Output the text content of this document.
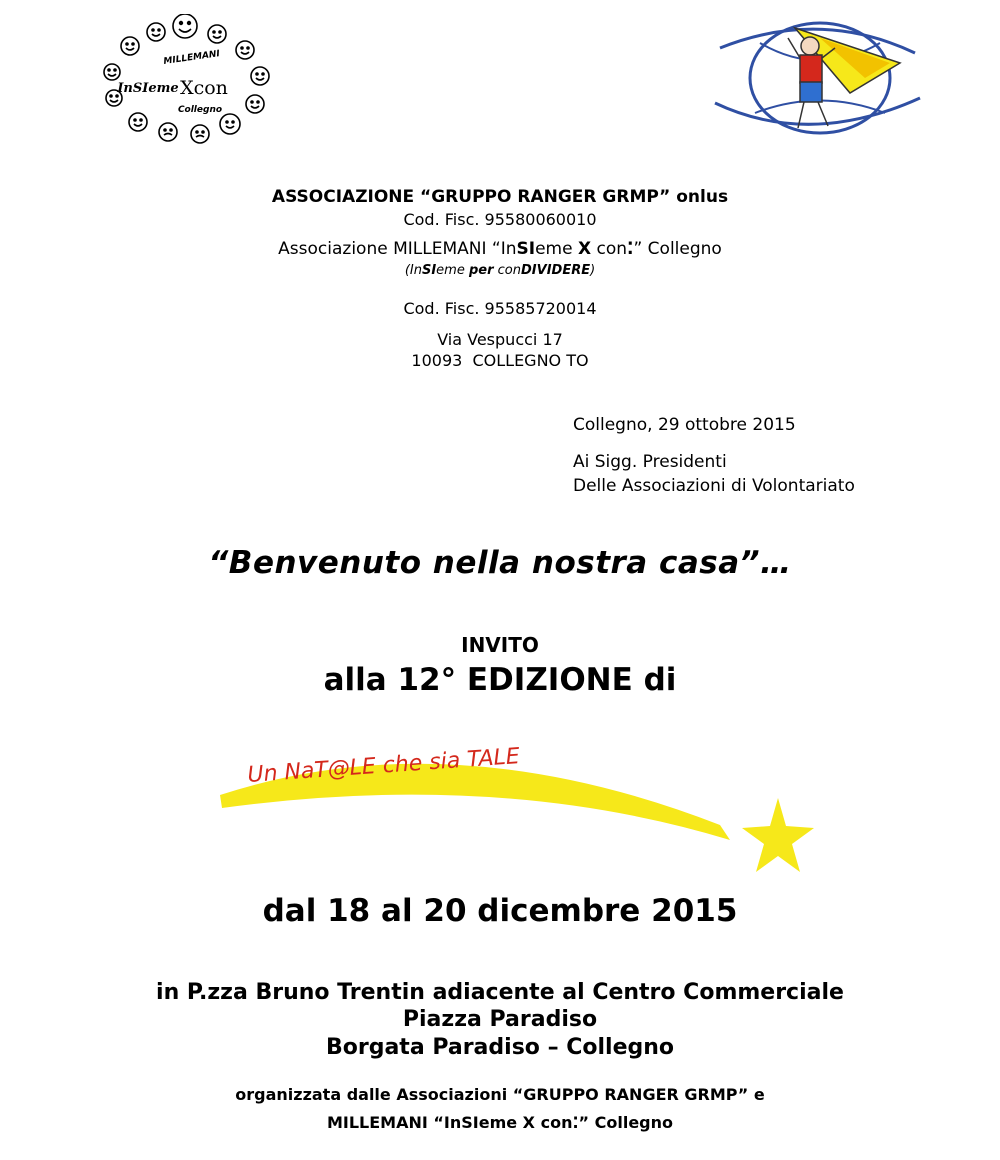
MILLEMANI
InSIeme Xcon
Collegno
ASSOCIAZIONE “GRUPPO RANGER GRMP” onlus
Cod. Fisc. 95580060010
Associazione MILLEMANI “InSIeme X con⁚” Collegno
(InSIeme per conDIVIDERE)
Cod. Fisc. 95585720014
Via Vespucci 17
10093  COLLEGNO TO
Collegno, 29 ottobre 2015
Ai Sigg. Presidenti
Delle Associazioni di Volontariato
“Benvenuto nella nostra casa”…
INVITO
alla 12° EDIZIONE di
Un NaT@LE che sia TALE
dal 18 al 20 dicembre 2015
in P.zza Bruno Trentin adiacente al Centro Commerciale
Piazza Paradiso
Borgata Paradiso – Collegno
organizzata dalle Associazioni “GRUPPO RANGER GRMP” e
MILLEMANI “InSIeme X con⁚” Collegno
